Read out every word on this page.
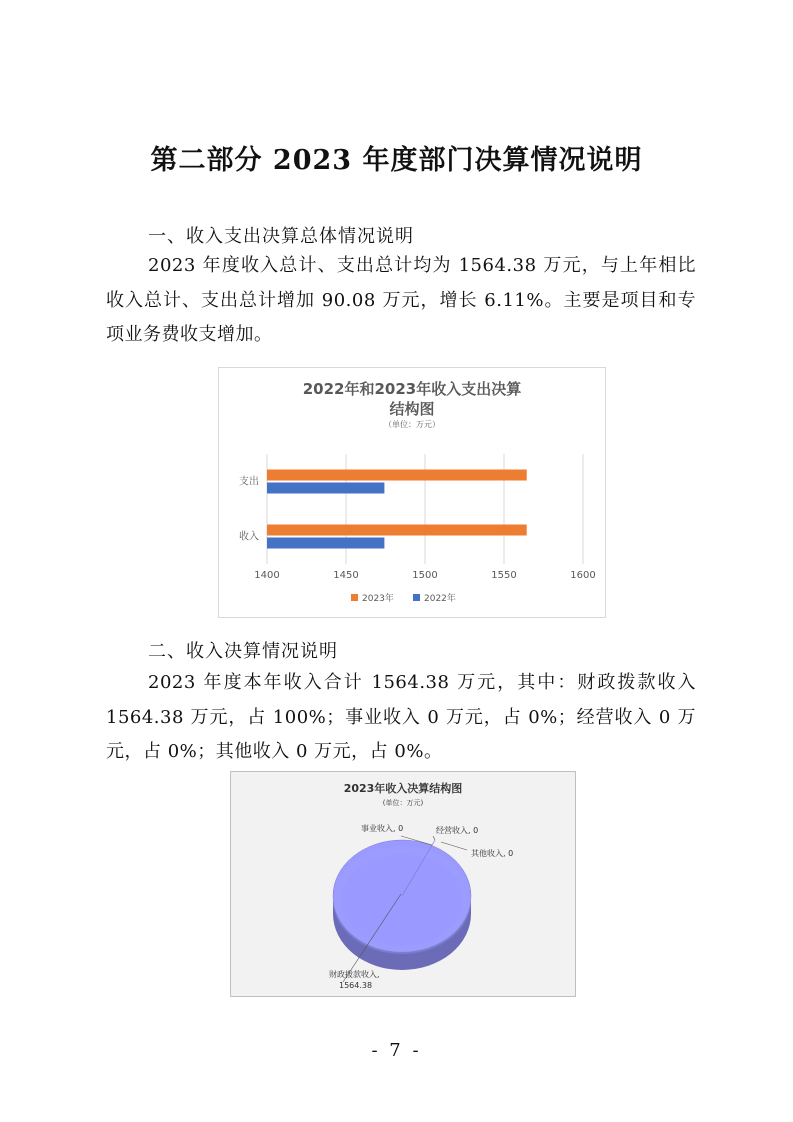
第二部分 2023 年度部门决算情况说明
一、收入支出决算总体情况说明
2023 年度收入总计、支出总计均为 1564.38 万元，与上年相比收入总计、支出总计增加 90.08 万元，增长 6.11%。主要是项目和专项业务费收支增加。
2022年和2023年收入支出决算
结构图
（单位：万元）
支出
收入
1400	1450	1500	1550	1600
2023年	2022年
二、收入决算情况说明
2023 年度本年收入合计 1564.38 万元，其中：财政拨款收入 1564.38 万元，占 100%；事业收入 0 万元，占 0%；经营收入 0 万元，占 0%；其他收入 0 万元，占 0%。
2023年收入决算结构图
(单位：万元)
事业收入, 0	经营收入, 0
其他收入, 0
财政拨款收入,
1564.38
- 7 -
